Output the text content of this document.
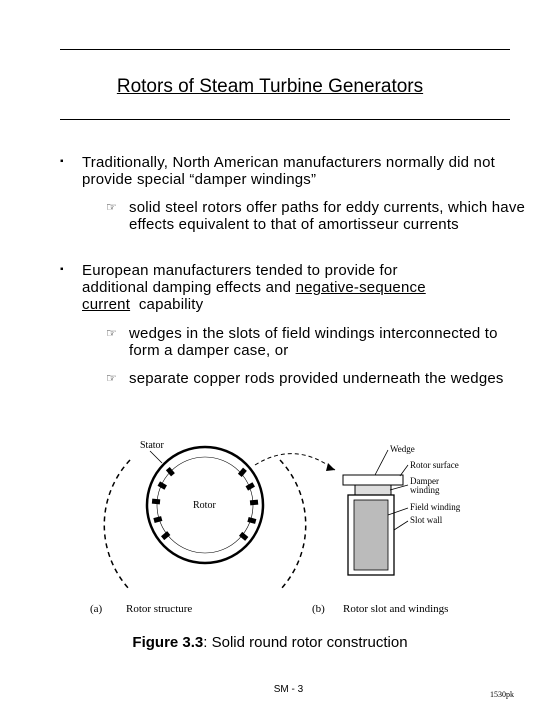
Rotors of Steam Turbine Generators
▪ Traditionally, North American manufacturers normally did not provide special “damper windings”
☞ solid steel rotors offer paths for eddy currents, which have effects equivalent to that of amortisseur currents
▪ European manufacturers tended to provide for
additional damping effects and negative-sequence
current  capability
☞ wedges in the slots of field windings interconnected to form a damper case, or
☞ separate copper rods provided underneath the wedges
Stator
Rotor
Wedge
Rotor surface
Damper
winding
Field winding
Slot wall
(a) Rotor structure	(b) Rotor slot and windings
Figure 3.3: Solid round rotor construction
SM - 3	1530pk
